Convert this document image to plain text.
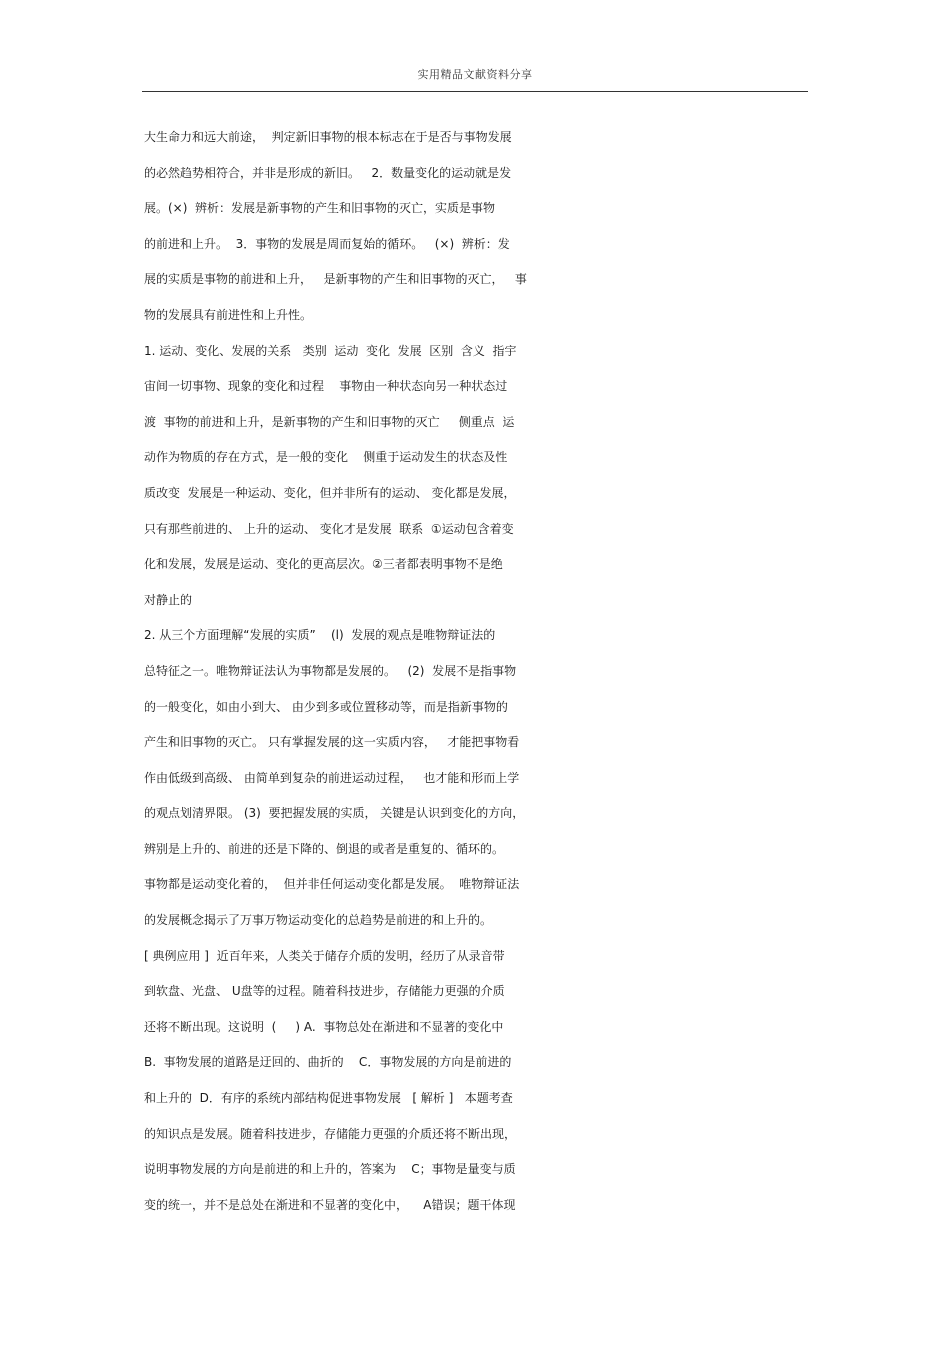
实用精品文献资料分享
大生命力和远大前途，  判定新旧事物的根本标志在于是否与事物发展
的必然趋势相符合，并非是形成的新旧。   2．数量变化的运动就是发
展。(×)  辨析：发展是新事物的产生和旧事物的灭亡，实质是事物
的前进和上升。  3．事物的发展是周而复始的循环。   (×)  辨析：发
展的实质是事物的前进和上升，   是新事物的产生和旧事物的灭亡，   事
物的发展具有前进性和上升性。
1. 运动、变化、发展的关系   类别  运动  变化  发展  区别  含义  指宇
宙间一切事物、现象的变化和过程    事物由一种状态向另一种状态过
渡  事物的前进和上升，是新事物的产生和旧事物的灭亡     侧重点  运
动作为物质的存在方式，是一般的变化    侧重于运动发生的状态及性
质改变  发展是一种运动、变化，但并非所有的运动、 变化都是发展，
只有那些前进的、 上升的运动、 变化才是发展  联系  ①运动包含着变
化和发展，发展是运动、变化的更高层次。②三者都表明事物不是绝
对静止的
2. 从三个方面理解“发展的实质”    (l)  发展的观点是唯物辩证法的
总特征之一。唯物辩证法认为事物都是发展的。   (2)  发展不是指事物
的一般变化，如由小到大、 由少到多或位置移动等，而是指新事物的
产生和旧事物的灭亡。 只有掌握发展的这一实质内容，   才能把事物看
作由低级到高级、 由简单到复杂的前进运动过程，   也才能和形而上学
的观点划清界限。 (3)  要把握发展的实质， 关键是认识到变化的方向，
辨别是上升的、前进的还是下降的、倒退的或者是重复的、循环的。
事物都是运动变化着的，  但并非任何运动变化都是发展。  唯物辩证法
的发展概念揭示了万事万物运动变化的总趋势是前进的和上升的。
[ 典例应用 ]  近百年来，人类关于储存介质的发明，经历了从录音带
到软盘、光盘、 U盘等的过程。随着科技进步，存储能力更强的介质
还将不断出现。这说明  (     ) A.  事物总处在渐进和不显著的变化中
B.  事物发展的道路是迂回的、曲折的    C．事物发展的方向是前进的
和上升的  D．有序的系统内部结构促进事物发展   [ 解析 ]   本题考查
的知识点是发展。随着科技进步，存储能力更强的介质还将不断出现，
说明事物发展的方向是前进的和上升的，答案为    C；事物是量变与质
变的统一，并不是总处在渐进和不显著的变化中，    A错误；题干体现
